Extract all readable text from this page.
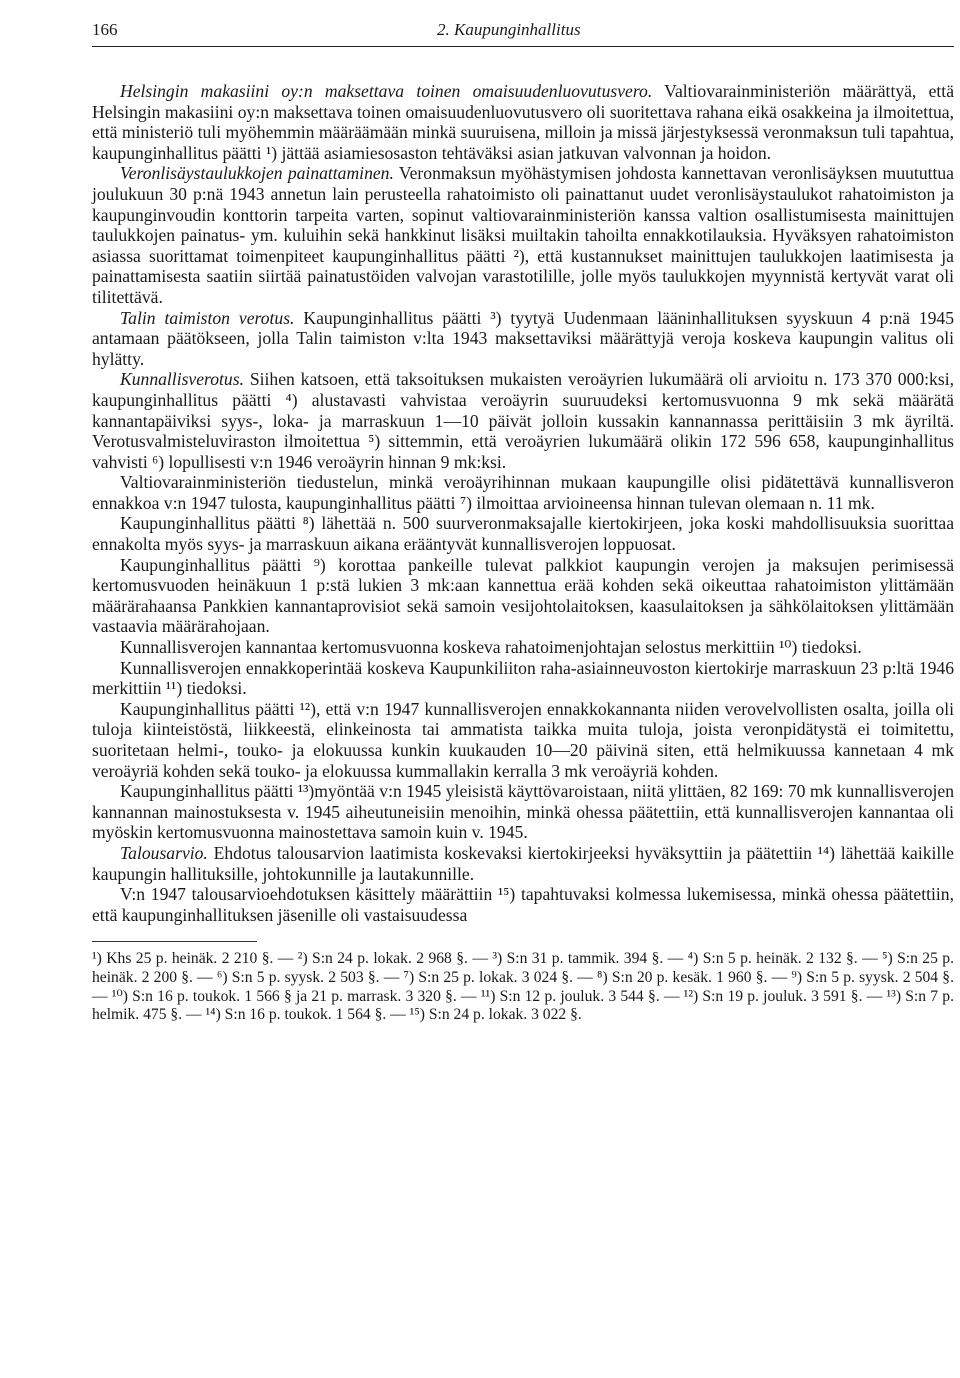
166	2. Kaupunginhallitus

Helsingin makasiini oy:n maksettava toinen omaisuudenluovutusvero. Valtiovarainministeriön määrättyä, että Helsingin makasiini oy:n maksettava toinen omaisuudenluovutusvero oli suoritettava rahana eikä osakkeina ja ilmoitettua, että ministeriö tuli myöhemmin määräämään minkä suuruisena, milloin ja missä järjestyksessä veronmaksun tuli tapahtua, kaupunginhallitus päätti ¹) jättää asiamiesosaston tehtäväksi asian jatkuvan valvonnan ja hoidon.

Veronlisäystaulukkojen painattaminen. Veronmaksun myöhästymisen johdosta kannettavan veronlisäyksen muututtua joulukuun 30 p:nä 1943 annetun lain perusteella rahatoimisto oli painattanut uudet veronlisäystaulukot rahatoimiston ja kaupunginvoudin konttorin tarpeita varten, sopinut valtiovarainministeriön kanssa valtion osallistumisesta mainittujen taulukkojen painatus- ym. kuluihin sekä hankkinut lisäksi muiltakin tahoilta ennakkotilauksia. Hyväksyen rahatoimiston asiassa suorittamat toimenpiteet kaupunginhallitus päätti ²), että kustannukset mainittujen taulukkojen laatimisesta ja painattamisesta saatiin siirtää painatustöiden valvojan varastotilille, jolle myös taulukkojen myynnistä kertyvät varat oli tilitettävä.

Talin taimiston verotus. Kaupunginhallitus päätti ³) tyytyä Uudenmaan lääninhallituksen syyskuun 4 p:nä 1945 antamaan päätökseen, jolla Talin taimiston v:lta 1943 maksettaviksi määrättyjä veroja koskeva kaupungin valitus oli hylätty.

Kunnallisverotus. Siihen katsoen, että taksoituksen mukaisten veroäyrien lukumäärä oli arvioitu n. 173 370 000:ksi, kaupunginhallitus päätti ⁴) alustavasti vahvistaa veroäyrin suuruudeksi kertomusvuonna 9 mk sekä määrätä kannantapäiviksi syys-, loka- ja marraskuun 1—10 päivät jolloin kussakin kannannassa perittäisiin 3 mk äyriltä. Verotusvalmisteluviraston ilmoitettua ⁵) sittemmin, että veroäyrien lukumäärä olikin 172 596 658, kaupunginhallitus vahvisti ⁶) lopullisesti v:n 1946 veroäyrin hinnan 9 mk:ksi.

Valtiovarainministeriön tiedustelun, minkä veroäyrihinnan mukaan kaupungille olisi pidätettävä kunnallisveron ennakkoa v:n 1947 tulosta, kaupunginhallitus päätti ⁷) ilmoittaa arvioineensa hinnan tulevan olemaan n. 11 mk.

Kaupunginhallitus päätti ⁸) lähettää n. 500 suurveronmaksajalle kiertokirjeen, joka koski mahdollisuuksia suorittaa ennakolta myös syys- ja marraskuun aikana erääntyvät kunnallisverojen loppuosat.

Kaupunginhallitus päätti ⁹) korottaa pankeille tulevat palkkiot kaupungin verojen ja maksujen perimisessä kertomusvuoden heinäkuun 1 p:stä lukien 3 mk:aan kannettua erää kohden sekä oikeuttaa rahatoimiston ylittämään määrärahaansa Pankkien kannantaprovisiot sekä samoin vesijohtolaitoksen, kaasulaitoksen ja sähkölaitoksen ylittämään vastaavia määrärahojaan.

Kunnallisverojen kannantaa kertomusvuonna koskeva rahatoimenjohtajan selostus merkittiin ¹⁰) tiedoksi.

Kunnallisverojen ennakkoperintää koskeva Kaupunkiliiton raha-asiainneuvoston kiertokirje marraskuun 23 p:ltä 1946 merkittiin ¹¹) tiedoksi.

Kaupunginhallitus päätti ¹²), että v:n 1947 kunnallisverojen ennakkokannanta niiden verovelvollisten osalta, joilla oli tuloja kiinteistöstä, liikkeestä, elinkeinosta tai ammatista taikka muita tuloja, joista veronpidätystä ei toimitettu, suoritetaan helmi-, touko- ja elokuussa kunkin kuukauden 10—20 päivinä siten, että helmikuussa kannetaan 4 mk veroäyriä kohden sekä touko- ja elokuussa kummallakin kerralla 3 mk veroäyriä kohden.

Kaupunginhallitus päätti ¹³)myöntää v:n 1945 yleisistä käyttövaroistaan, niitä ylittäen, 82 169: 70 mk kunnallisverojen kannannan mainostuksesta v. 1945 aiheutuneisiin menoihin, minkä ohessa päätettiin, että kunnallisverojen kannantaa oli myöskin kertomusvuonna mainostettava samoin kuin v. 1945.

Talousarvio. Ehdotus talousarvion laatimista koskevaksi kiertokirjeeksi hyväksyttiin ja päätettiin ¹⁴) lähettää kaikille kaupungin hallituksille, johtokunnille ja lautakunnille.

V:n 1947 talousarvioehdotuksen käsittely määrättiin ¹⁵) tapahtuvaksi kolmessa lukemisessa, minkä ohessa päätettiin, että kaupunginhallituksen jäsenille oli vastaisuudessa

¹) Khs 25 p. heinäk. 2 210 §. — ²) S:n 24 p. lokak. 2 968 §. — ³) S:n 31 p. tammik. 394 §. — ⁴) S:n 5 p. heinäk. 2 132 §. — ⁵) S:n 25 p. heinäk. 2 200 §. — ⁶) S:n 5 p. syysk. 2 503 §. — ⁷) S:n 25 p. lokak. 3 024 §. — ⁸) S:n 20 p. kesäk. 1 960 §. — ⁹) S:n 5 p. syysk. 2 504 §. — ¹⁰) S:n 16 p. toukok. 1 566 § ja 21 p. marrask. 3 320 §. — ¹¹) S:n 12 p. jouluk. 3 544 §. — ¹²) S:n 19 p. jouluk. 3 591 §. — ¹³) S:n 7 p. helmik. 475 §. — ¹⁴) S:n 16 p. toukok. 1 564 §. — ¹⁵) S:n 24 p. lokak. 3 022 §.
